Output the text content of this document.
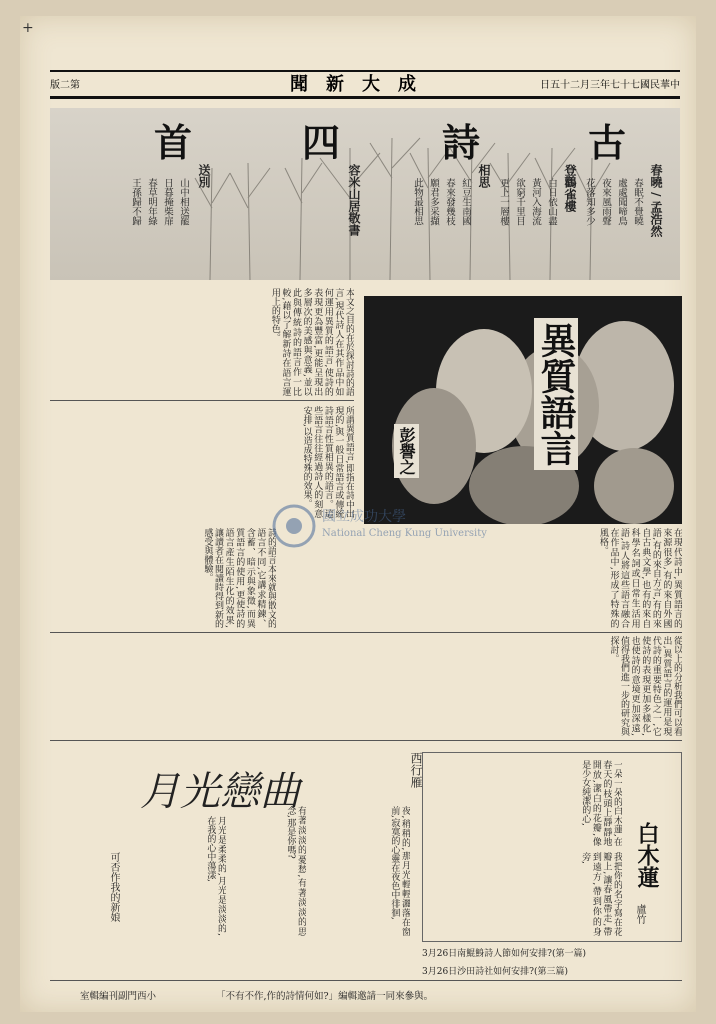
+
版二第	聞新大成	日五十二月三年七十七國民華中
古
詩
四
首
容米山居敬書	春曉 / 孟浩然
春眠不覺曉
處處聞啼鳥
夜來風雨聲
花落知多少
登鸛雀樓
白日依山盡
黃河入海流
欲窮千里目
更上一層樓
相思
紅豆生南國
春來發幾枝
願君多采擷
此物最相思
送別
山中相送罷
日暮掩柴扉
春草明年綠
王孫歸不歸
本文之目的在於探討詩的語言,現代詩人在其作品中如何運用異質的語言,使詩的表現更為豐富,更能呈現出多層次的美感與意義,並以此與傳統詩的語言作一比較,藉以了解新詩在語言運用上的特色。
所謂異質語言,即指在詩中出現的,與一般日常語言或傳統詩語言性質相異的語言。這些語言往往經過詩人的刻意安排,以造成特殊的效果。	異質語言
彭譽之
詩的語言本來就與散文的語言不同,它講求精鍊、含蓄、暗示與象徵,而異質語言的使用,更使詩的語言產生陌生化的效果,讓讀者在閱讀時得到新的感受與體驗。	在現代詩中,異質語言的來源很多,有的來自外國語,有的來自方言,有的來自古典文學,也有的來自科學名詞或日常生活用語,詩人將這些語言融合在作品中,形成了特殊的風格。
從以上的分析我們可以看出,異質語言的運用是現代詩的重要特色之一,它使詩的表現更加多樣化,也使詩的意境更加深遠,值得我們進一步的研究與探討。
國立成功大學
National Cheng Kung University
月光戀曲	西行雁
夜,稍稍的,那月光輕輕灑落在窗前,寂寞的心靈在夜色中徘徊,
有著淡淡的憂愁,有著淡淡的思念,那是你嗎?
月光是柔柔的,月光是淡淡的,在我的心中蕩漾,
可否作我的新娘	白木蓮
盧竹
一朵一朵的白木蓮,在春天的枝頭上靜靜地開放,潔白的花瓣,像是少女純潔的心,
我把你的名字寫在花瓣上,讓春風帶走,帶到遠方,帶到你的身旁,
3月26日南鯤鯓詩人節如何安排?(第一篇)
3月26日沙田詩社如何安排?(第三篇)
室輯編刊副門西小	「不有不作,作的詩情何如?」編輯邀請一同來參與。
